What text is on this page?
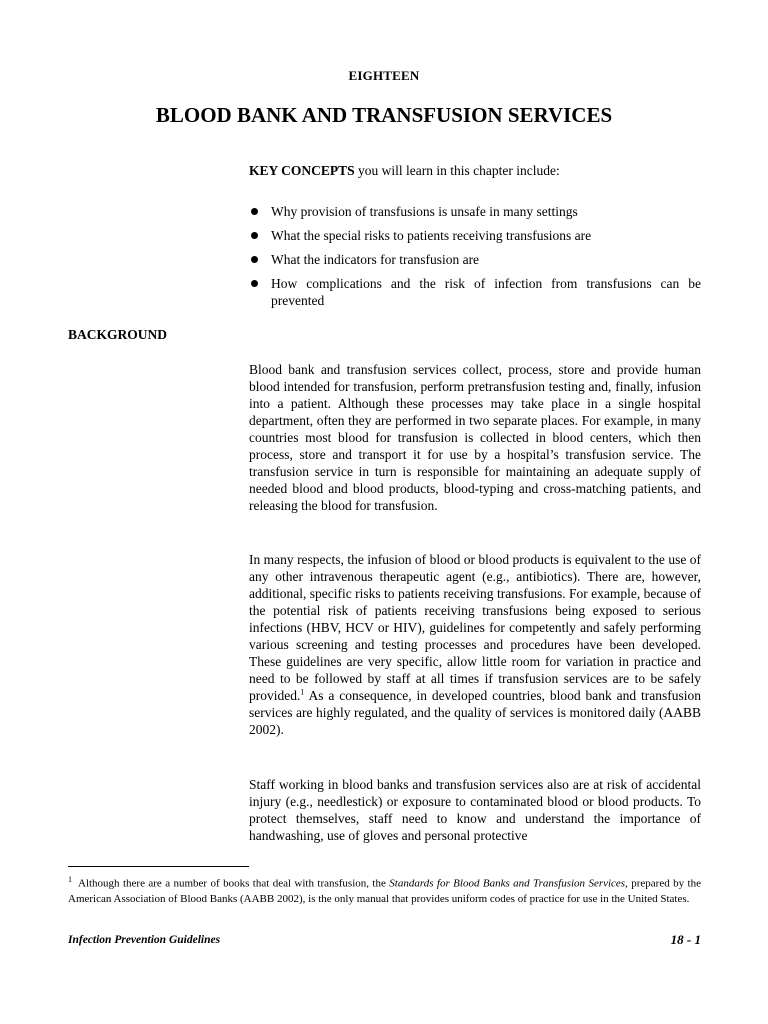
EIGHTEEN
BLOOD BANK AND TRANSFUSION SERVICES

KEY CONCEPTS you will learn in this chapter include:

Why provision of transfusions is unsafe in many settings
What the special risks to patients receiving transfusions are
What the indicators for transfusion are
How complications and the risk of infection from transfusions can be prevented
BACKGROUND

Blood bank and transfusion services collect, process, store and provide human blood intended for transfusion, perform pretransfusion testing and, finally, infusion into a patient. Although these processes may take place in a single hospital department, often they are performed in two separate places. For example, in many countries most blood for transfusion is collected in blood centers, which then process, store and transport it for use by a hospital’s transfusion service. The transfusion service in turn is responsible for maintaining an adequate supply of needed blood and blood products, blood-typing and cross-matching patients, and releasing the blood for transfusion.

In many respects, the infusion of blood or blood products is equivalent to the use of any other intravenous therapeutic agent (e.g., antibiotics). There are, however, additional, specific risks to patients receiving transfusions. For example, because of the potential risk of patients receiving transfusions being exposed to serious infections (HBV, HCV or HIV), guidelines for competently and safely performing various screening and testing processes and procedures have been developed. These guidelines are very specific, allow little room for variation in practice and need to be followed by staff at all times if transfusion services are to be safely provided.$^1$ As a consequence, in developed countries, blood bank and transfusion services are highly regulated, and the quality of services is monitored daily (AABB 2002).

Staff working in blood banks and transfusion services also are at risk of accidental injury (e.g., needlestick) or exposure to contaminated blood or blood products. To protect themselves, staff need to know and understand the importance of handwashing, use of gloves and personal protective

$^1$ Although there are a number of books that deal with transfusion, the Standards for Blood Banks and Transfusion Services, prepared by the American Association of Blood Banks (AABB 2002), is the only manual that provides uniform codes of practice for use in the United States.

Infection Prevention Guidelines	18 - 1
